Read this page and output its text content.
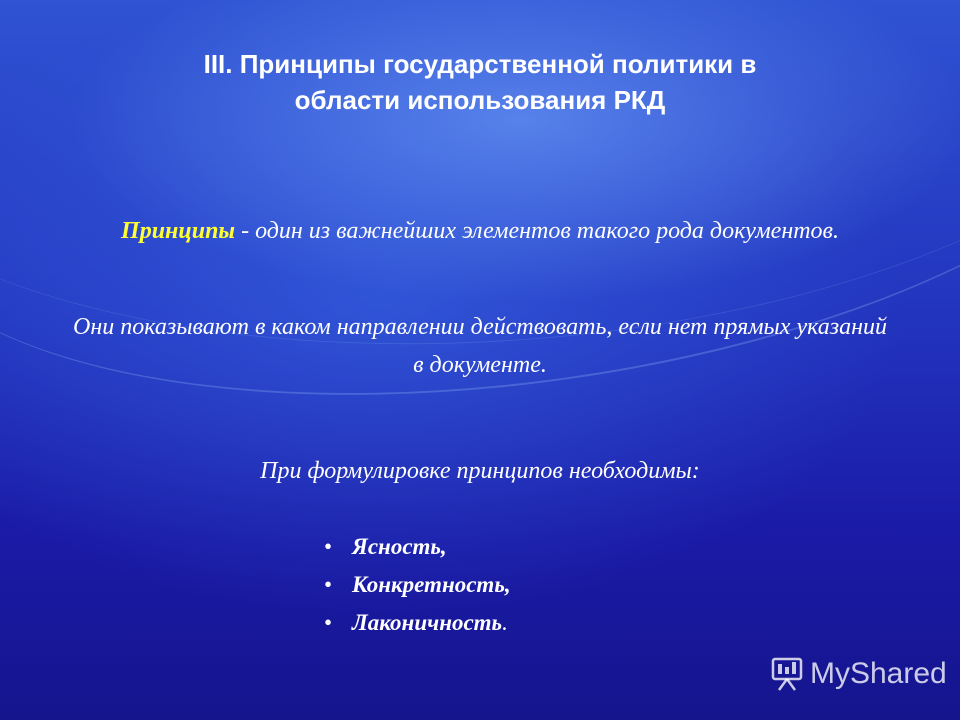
III. Принципы государственной политики в
области использования РКД
Принципы - один из важнейших элементов такого рода документов.
Они показывают в каком направлении действовать, если нет прямых указаний в документе.
При формулировке принципов необходимы:
• Ясность,
• Конкретность,
• Лаконичность.
MyShared
